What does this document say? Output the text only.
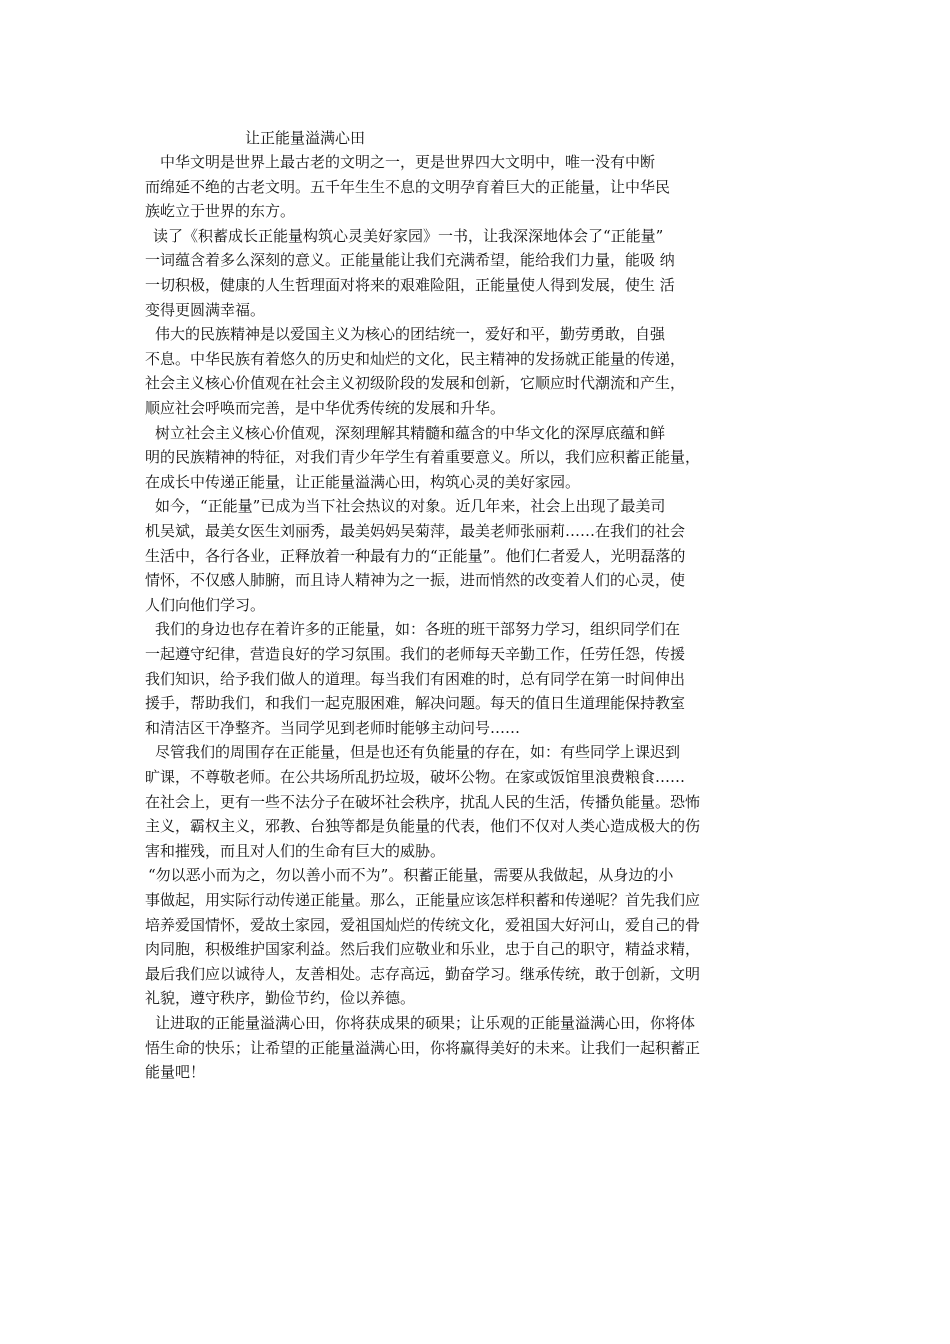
让正能量溢满心田
中华文明是世界上最古老的文明之一，更是世界四大文明中，唯一没有中断
而绵延不绝的古老文明。五千年生生不息的文明孕育着巨大的正能量，让中华民
族屹立于世界的东方。
读了《积蓄成长正能量构筑心灵美好家园》一书，让我深深地体会了“正能量”
一词蕴含着多么深刻的意义。正能量能让我们充满希望，能给我们力量，能吸 纳
一切积极，健康的人生哲理面对将来的艰难险阻，正能量使人得到发展，使生 活
变得更圆满幸福。
伟大的民族精神是以爱国主义为核心的团结统一，爱好和平，勤劳勇敢，自强
不息。中华民族有着悠久的历史和灿烂的文化，民主精神的发扬就正能量的传递，
社会主义核心价值观在社会主义初级阶段的发展和创新，它顺应时代潮流和产生，
顺应社会呼唤而完善，是中华优秀传统的发展和升华。
树立社会主义核心价值观，深刻理解其精髓和蕴含的中华文化的深厚底蕴和鲜
明的民族精神的特征，对我们青少年学生有着重要意义。所以，我们应积蓄正能量，
在成长中传递正能量，让正能量溢满心田，构筑心灵的美好家园。
如今，“正能量”已成为当下社会热议的对象。近几年来，社会上出现了最美司
机吴斌，最美女医生刘丽秀，最美妈妈吴菊萍，最美老师张丽莉……在我们的社会
生活中，各行各业，正释放着一种最有力的“正能量”。他们仁者爱人，光明磊落的
情怀，不仅感人肺腑，而且诗人精神为之一振，进而悄然的改变着人们的心灵，使
人们向他们学习。
我们的身边也存在着许多的正能量，如：各班的班干部努力学习，组织同学们在
一起遵守纪律，营造良好的学习氛围。我们的老师每天辛勤工作，任劳任怨，传援
我们知识，给予我们做人的道理。每当我们有困难的时，总有同学在第一时间伸出
援手，帮助我们，和我们一起克服困难，解决问题。每天的值日生道理能保持教室
和清洁区干净整齐。当同学见到老师时能够主动问号……
尽管我们的周围存在正能量，但是也还有负能量的存在，如：有些同学上课迟到
旷课，不尊敬老师。在公共场所乱扔垃圾，破坏公物。在家或饭馆里浪费粮食……
在社会上，更有一些不法分子在破坏社会秩序，扰乱人民的生活，传播负能量。恐怖
主义，霸权主义，邪教、台独等都是负能量的代表，他们不仅对人类心造成极大的伤
害和摧残，而且对人们的生命有巨大的威胁。
“勿以恶小而为之，勿以善小而不为”。积蓄正能量，需要从我做起，从身边的小
事做起，用实际行动传递正能量。那么，正能量应该怎样积蓄和传递呢？首先我们应
培养爱国情怀，爱故土家园，爱祖国灿烂的传统文化，爱祖国大好河山，爱自己的骨
肉同胞，积极维护国家利益。然后我们应敬业和乐业，忠于自己的职守，精益求精，
最后我们应以诚待人，友善相处。志存高远，勤奋学习。继承传统，敢于创新，文明
礼貌，遵守秩序，勤俭节约，俭以养德。
让进取的正能量溢满心田，你将获成果的硕果；让乐观的正能量溢满心田，你将体
悟生命的快乐；让希望的正能量溢满心田，你将赢得美好的未来。让我们一起积蓄正
能量吧！
